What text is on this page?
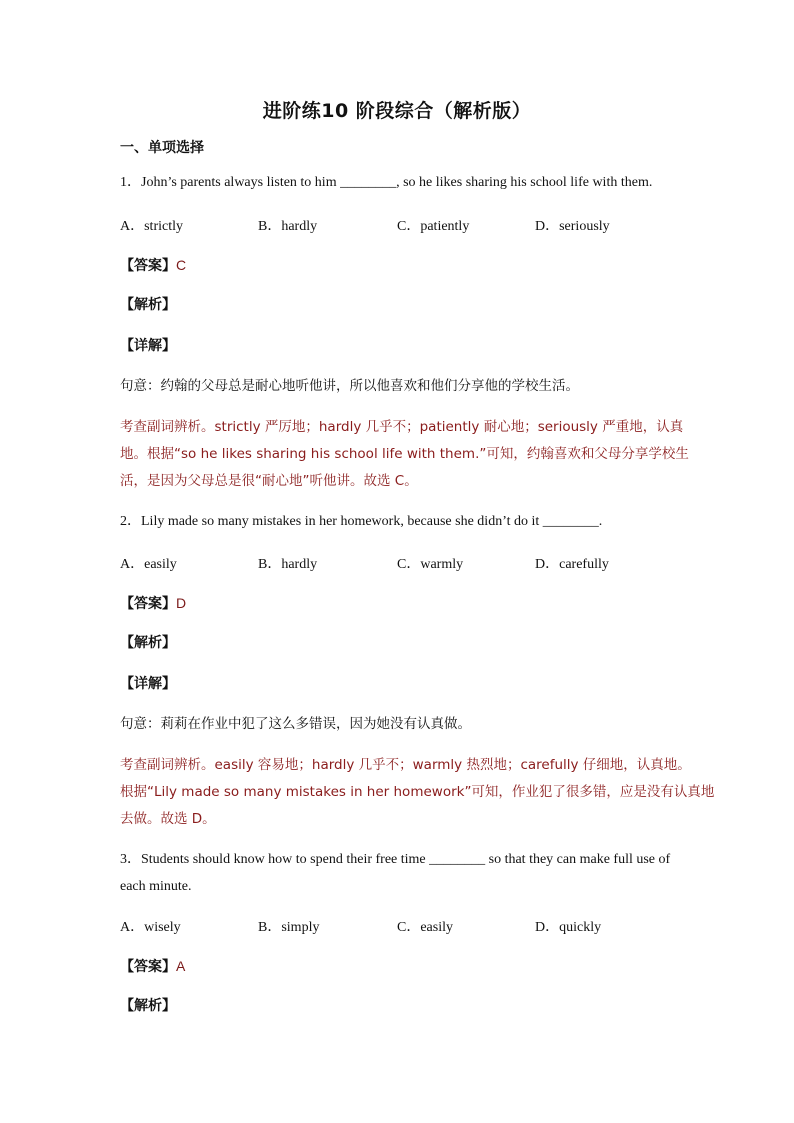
进阶练10 阶段综合（解析版）
一、单项选择
1．John’s parents always listen to him ________, so he likes sharing his school life with them.
A．strictly	B．hardly	C．patiently	D．seriously
【答案】C
【解析】
【详解】
句意：约翰的父母总是耐心地听他讲，所以他喜欢和他们分享他的学校生活。
考查副词辨析。strictly 严厉地；hardly 几乎不；patiently 耐心地；seriously 严重地，认真
地。根据“so he likes sharing his school life with them.”可知，约翰喜欢和父母分享学校生
活，是因为父母总是很“耐心地”听他讲。故选 C。
2．Lily made so many mistakes in her homework, because she didn’t do it ________.
A．easily	B．hardly	C．warmly	D．carefully
【答案】D
【解析】
【详解】
句意：莉莉在作业中犯了这么多错误，因为她没有认真做。
考查副词辨析。easily 容易地；hardly 几乎不；warmly 热烈地；carefully 仔细地，认真地。
根据“Lily made so many mistakes in her homework”可知，作业犯了很多错，应是没有认真地
去做。故选 D。
3．Students should know how to spend their free time ________ so that they can make full use of
each minute.
A．wisely	B．simply	C．easily	D．quickly
【答案】A
【解析】
